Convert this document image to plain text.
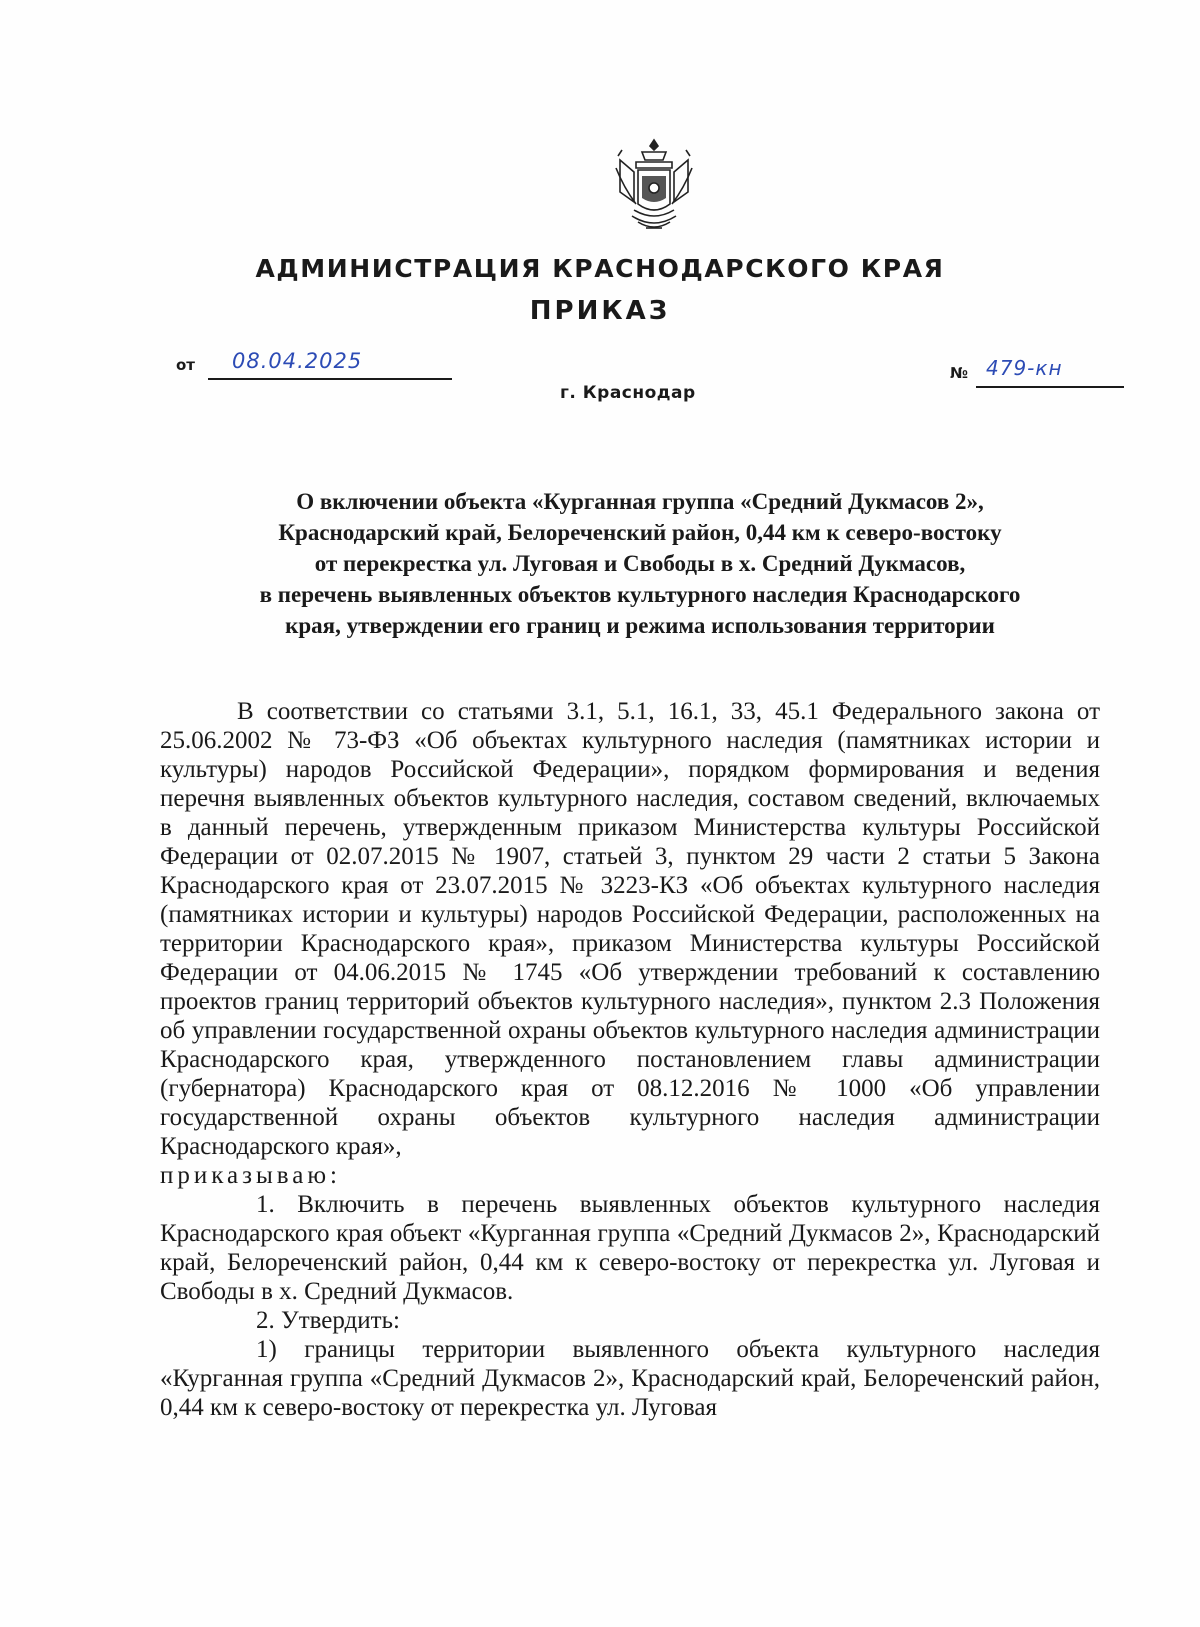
АДМИНИСТРАЦИЯ КРАСНОДАРСКОГО КРАЯ
ПРИКАЗ
от 08.04.2025
г. Краснодар
№ 479-кн
О включении объекта «Курганная группа «Средний Дукмасов 2»,
Краснодарский край, Белореченский район, 0,44 км к северо-востоку
от перекрестка ул. Луговая и Свободы в х. Средний Дукмасов,
в перечень выявленных объектов культурного наследия Краснодарского
края, утверждении его границ и режима использования территории

В соответствии со статьями 3.1, 5.1, 16.1, 33, 45.1 Федерального закона от 25.06.2002 № 73-ФЗ «Об объектах культурного наследия (памятниках истории и культуры) народов Российской Федерации», порядком формирования и ведения перечня выявленных объектов культурного наследия, составом сведений, включаемых в данный перечень, утвержденным приказом Министерства культуры Российской Федерации от 02.07.2015 № 1907, статьей 3, пунктом 29 части 2 статьи 5 Закона Краснодарского края от 23.07.2015 № 3223-КЗ «Об объектах культурного наследия (памятниках истории и культуры) народов Российской Федерации, расположенных на территории Краснодарского края», приказом Министерства культуры Российской Федерации от 04.06.2015 № 1745 «Об утверждении требований к составлению проектов границ территорий объектов культурного наследия», пунктом 2.3 Положения об управлении государственной охраны объектов культурного наследия администрации Краснодарского края, утвержденного постановлением главы администрации (губернатора) Краснодарского края от 08.12.2016 № 1000 «Об управлении государственной охраны объектов культурного наследия администрации Краснодарского края»,

приказываю:

1. Включить в перечень выявленных объектов культурного наследия Краснодарского края объект «Курганная группа «Средний Дукмасов 2», Краснодарский край, Белореченский район, 0,44 км к северо-востоку от перекрестка ул. Луговая и Свободы в х. Средний Дукмасов.

2. Утвердить:

1) границы территории выявленного объекта культурного наследия «Курганная группа «Средний Дукмасов 2», Краснодарский край, Белореченский район, 0,44 км к северо-востоку от перекрестка ул. Луговая
